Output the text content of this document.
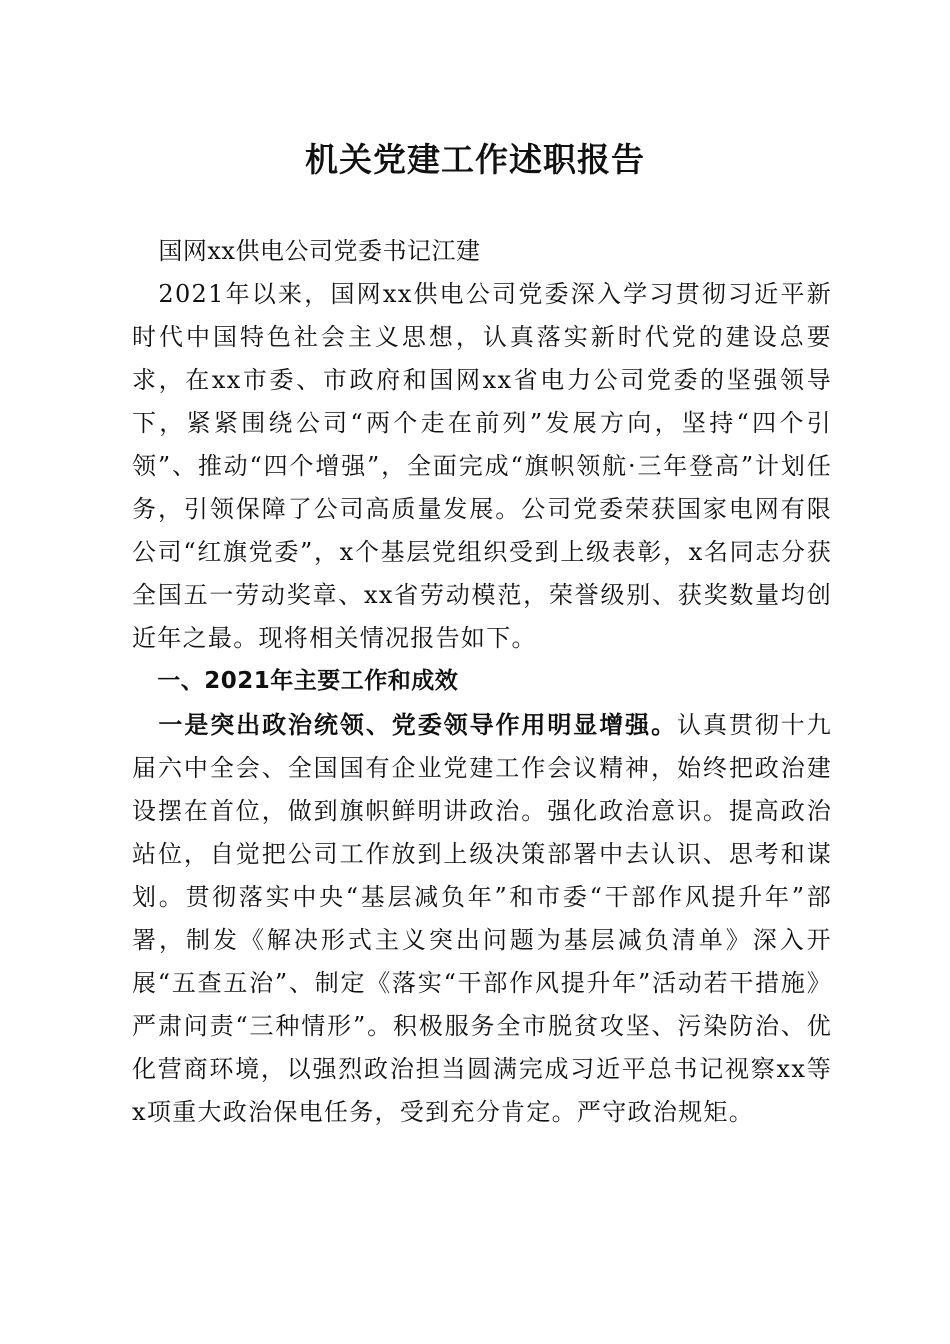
机关党建工作述职报告

国网xx供电公司党委书记江建

2021年以来，国网xx供电公司党委深入学习贯彻习近平新时代中国特色社会主义思想，认真落实新时代党的建设总要求，在xx市委、市政府和国网xx省电力公司党委的坚强领导下，紧紧围绕公司“两个走在前列”发展方向，坚持“四个引领”、推动“四个增强”，全面完成“旗帜领航·三年登高”计划任务，引领保障了公司高质量发展。公司党委荣获国家电网有限公司“红旗党委”，x个基层党组织受到上级表彰，x名同志分获全国五一劳动奖章、xx省劳动模范，荣誉级别、获奖数量均创近年之最。现将相关情况报告如下。

一、2021年主要工作和成效

一是突出政治统领、党委领导作用明显增强。认真贯彻十九届六中全会、全国国有企业党建工作会议精神，始终把政治建设摆在首位，做到旗帜鲜明讲政治。强化政治意识。提高政治站位，自觉把公司工作放到上级决策部署中去认识、思考和谋划。贯彻落实中央“基层减负年”和市委“干部作风提升年”部署，制发《解决形式主义突出问题为基层减负清单》深入开展“五查五治”、制定《落实“干部作风提升年”活动若干措施》严肃问责“三种情形”。积极服务全市脱贫攻坚、污染防治、优化营商环境，以强烈政治担当圆满完成习近平总书记视察xx等x项重大政治保电任务，受到充分肯定。严守政治规矩。
